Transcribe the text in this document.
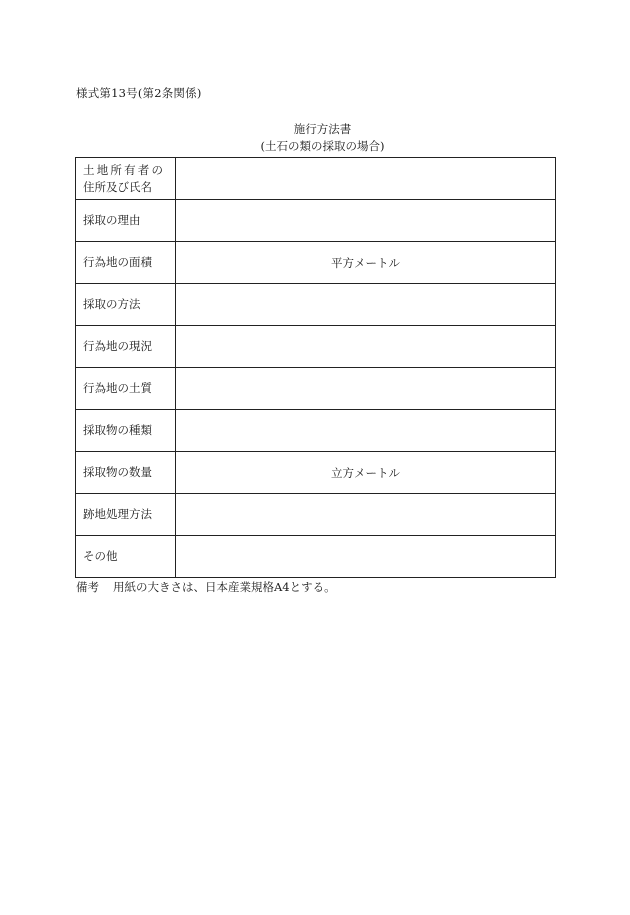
様式第13号(第2条関係)
施行方法書
(土石の類の採取の場合)
土地所有者の
住所及び氏名	
採取の理由	
行為地の面積	平方メートル
採取の方法	
行為地の現況	
行為地の土質	
採取物の種類	
採取物の数量	立方メートル
跡地処理方法	
その他	
備考 用紙の大きさは、日本産業規格A4とする。
